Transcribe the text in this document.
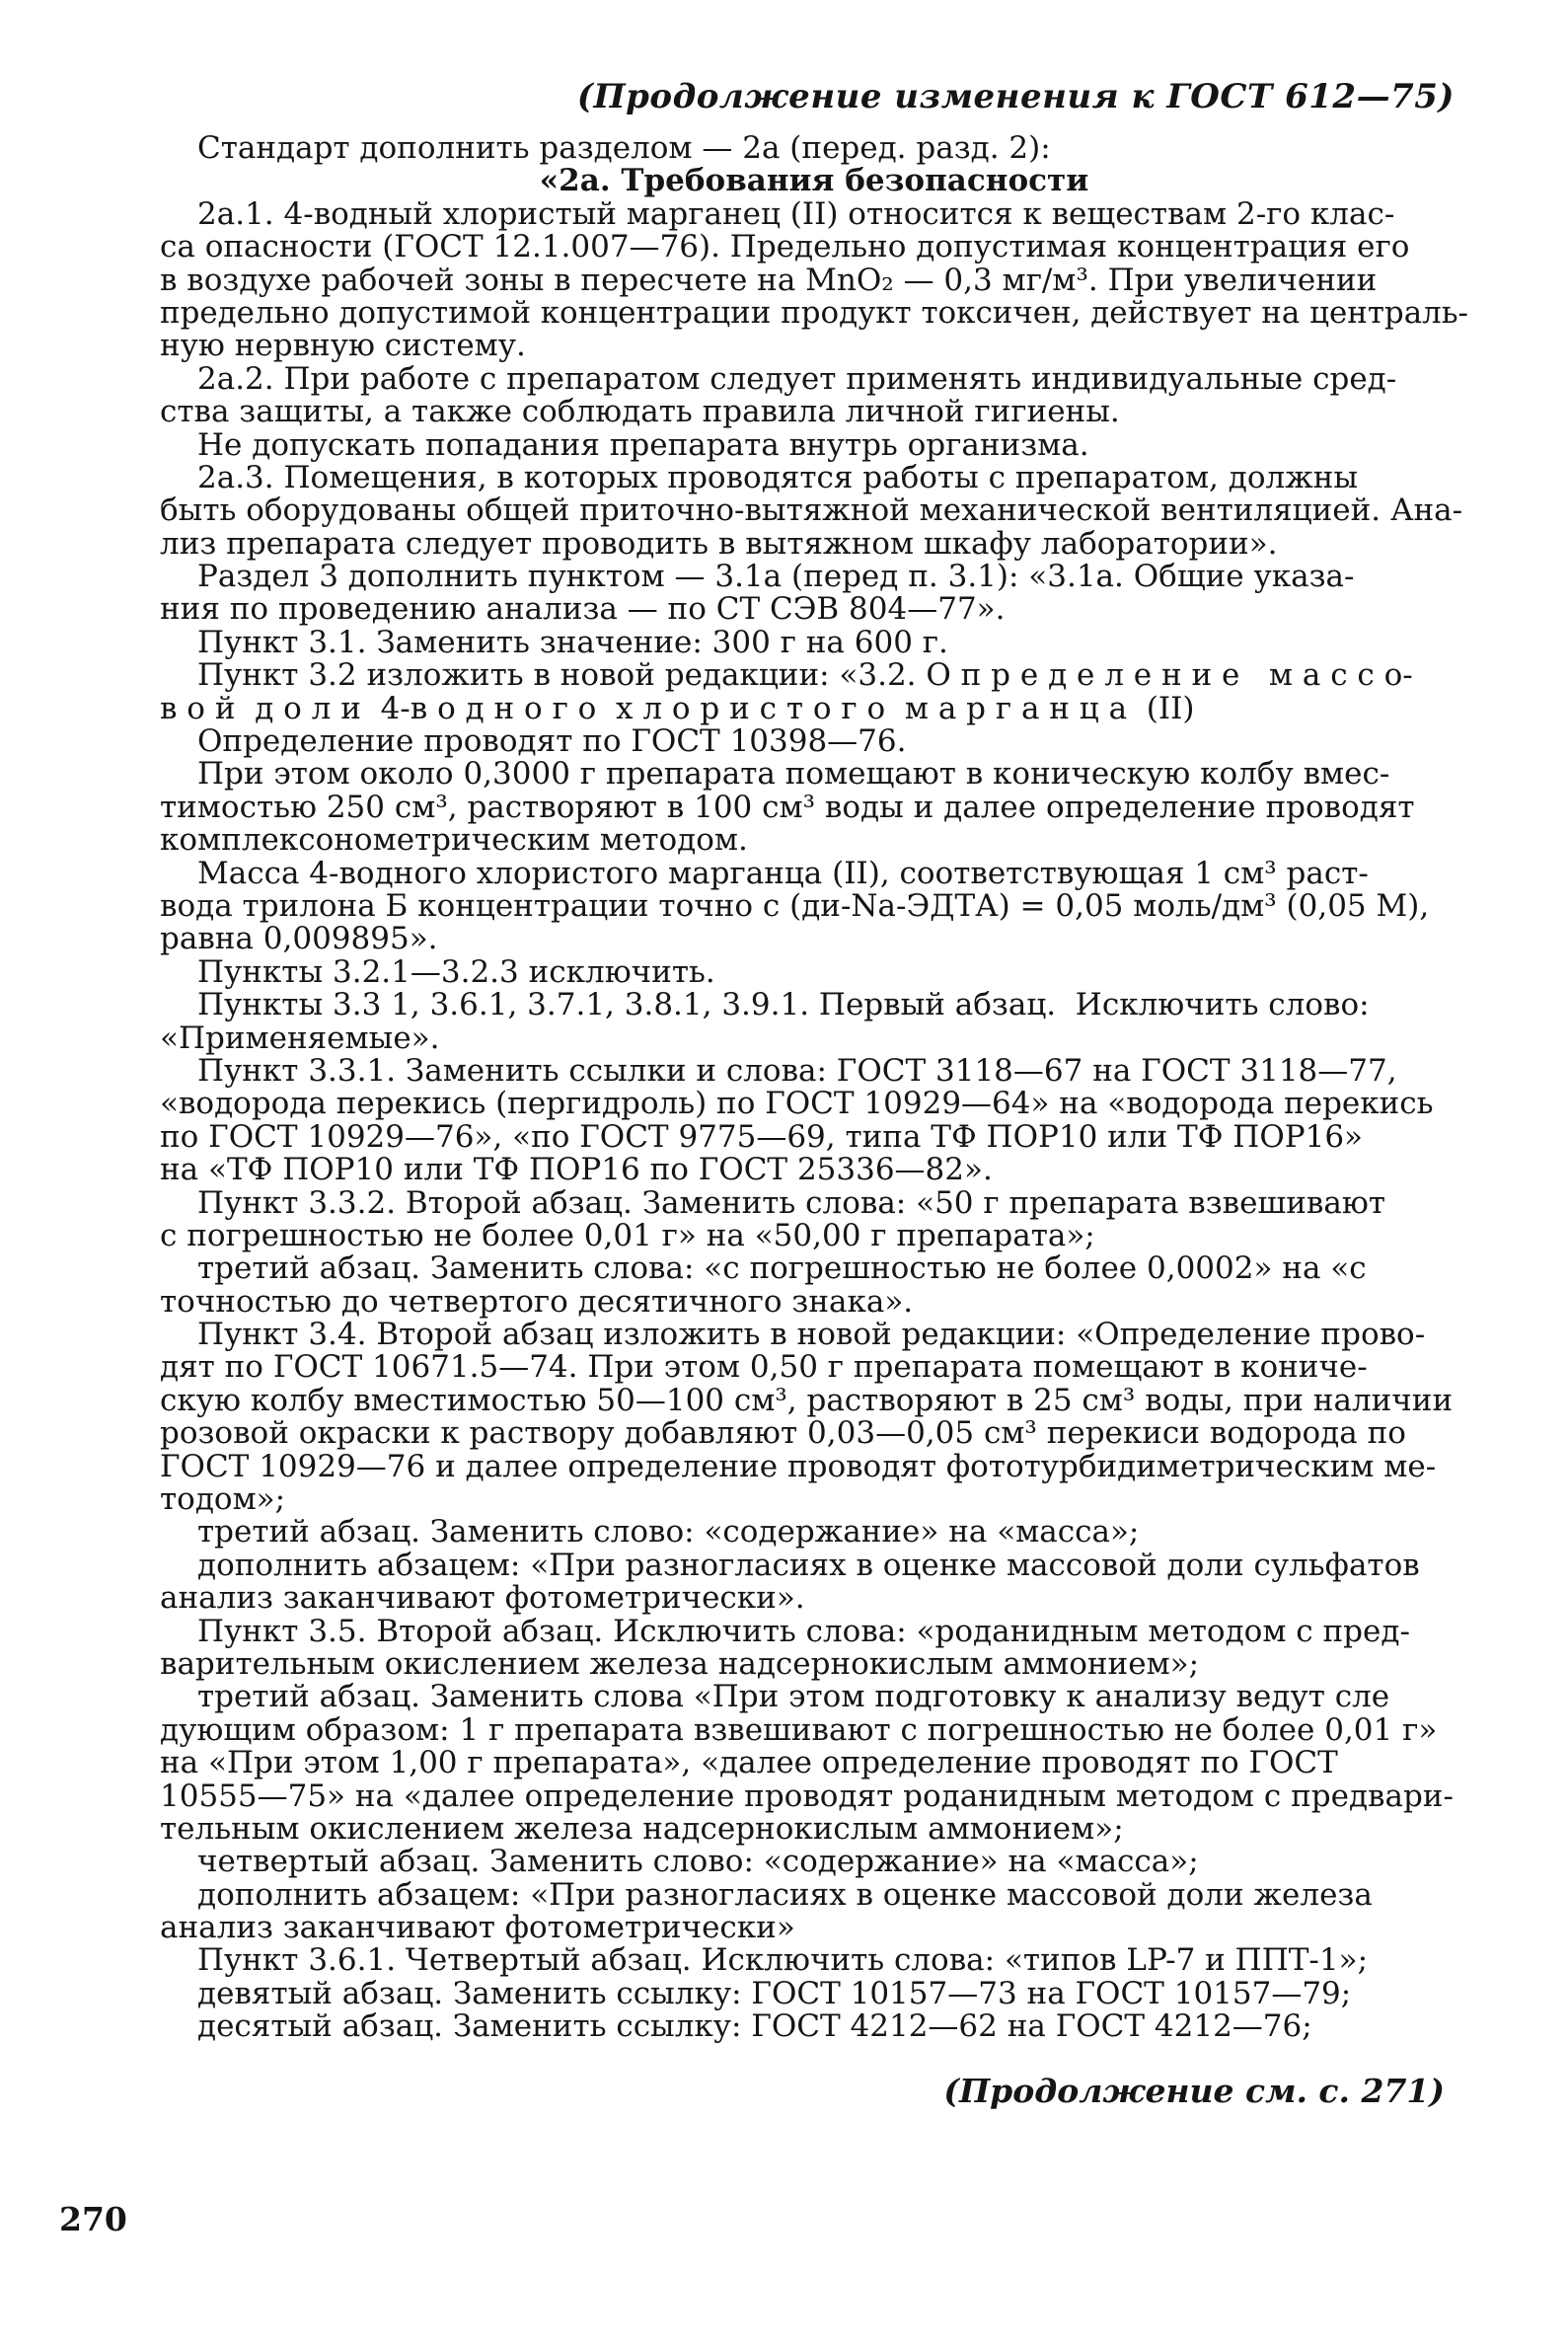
(Продолжение изменения к ГОСТ 612—75)
Стандарт дополнить разделом — 2а (перед. разд. 2):
«2а. Требования безопасности
2а.1. 4-водный хлористый марганец (II) относится к веществам 2-го клас-
са опасности (ГОСТ 12.1.007—76). Предельно допустимая концентрация его
в воздухе рабочей зоны в пересчете на MnO₂ — 0,3 мг/м³. При увеличении
предельно допустимой концентрации продукт токсичен, действует на централь-
ную нервную систему.
2а.2. При работе с препаратом следует применять индивидуальные сред-
ства защиты, а также соблюдать правила личной гигиены.
Не допускать попадания препарата внутрь организма.
2а.3. Помещения, в которых проводятся работы с препаратом, должны
быть оборудованы общей приточно-вытяжной механической вентиляцией. Ана-
лиз препарата следует проводить в вытяжном шкафу лаборатории».
Раздел 3 дополнить пунктом — 3.1а (перед п. 3.1): «3.1а. Общие указа-
ния по проведению анализа — по СТ СЭВ 804—77».
Пункт 3.1. Заменить значение: 300 г на 600 г.
Пункт 3.2 изложить в новой редакции: «3.2. О п р е д е л е н и е   м а с с о-
в о й  д о л и  4-в о д н о г о  х л о р и с т о г о  м а р г а н ц а  (II)
Определение проводят по ГОСТ 10398—76.
При этом около 0,3000 г препарата помещают в коническую колбу вмес-
тимостью 250 см³, растворяют в 100 см³ воды и далее определение проводят
комплексонометрическим методом.
Масса 4-водного хлористого марганца (II), соответствующая 1 см³ раст-
вода трилона Б концентрации точно с (ди-Na-ЭДТА) = 0,05 моль/дм³ (0,05 М),
равна 0,009895».
Пункты 3.2.1—3.2.3 исключить.
Пункты 3.3 1, 3.6.1, 3.7.1, 3.8.1, 3.9.1. Первый абзац.  Исключить слово:
«Применяемые».
Пункт 3.3.1. Заменить ссылки и слова: ГОСТ 3118—67 на ГОСТ 3118—77,
«водорода перекись (пергидроль) по ГОСТ 10929—64» на «водорода перекись
по ГОСТ 10929—76», «по ГОСТ 9775—69, типа ТФ ПОР10 или ТФ ПОР16»
на «ТФ ПОР10 или ТФ ПОР16 по ГОСТ 25336—82».
Пункт 3.3.2. Второй абзац. Заменить слова: «50 г препарата взвешивают
с погрешностью не более 0,01 г» на «50,00 г препарата»;
третий абзац. Заменить слова: «с погрешностью не более 0,0002» на «с
точностью до четвертого десятичного знака».
Пункт 3.4. Второй абзац изложить в новой редакции: «Определение прово-
дят по ГОСТ 10671.5—74. При этом 0,50 г препарата помещают в кониче-
скую колбу вместимостью 50—100 см³, растворяют в 25 см³ воды, при наличии
розовой окраски к раствору добавляют 0,03—0,05 см³ перекиси водорода по
ГОСТ 10929—76 и далее определение проводят фототурбидиметрическим ме-
тодом»;
третий абзац. Заменить слово: «содержание» на «масса»;
дополнить абзацем: «При разногласиях в оценке массовой доли сульфатов
анализ заканчивают фотометрически».
Пункт 3.5. Второй абзац. Исключить слова: «роданидным методом с пред-
варительным окислением железа надсернокислым аммонием»;
третий абзац. Заменить слова «При этом подготовку к анализу ведут сле
дующим образом: 1 г препарата взвешивают с погрешностью не более 0,01 г»
на «При этом 1,00 г препарата», «далее определение проводят по ГОСТ
10555—75» на «далее определение проводят роданидным методом с предвари-
тельным окислением железа надсернокислым аммонием»;
четвертый абзац. Заменить слово: «содержание» на «масса»;
дополнить абзацем: «При разногласиях в оценке массовой доли железа
анализ заканчивают фотометрически»
Пункт 3.6.1. Четвертый абзац. Исключить слова: «типов LP-7 и ППТ-1»;
девятый абзац. Заменить ссылку: ГОСТ 10157—73 на ГОСТ 10157—79;
десятый абзац. Заменить ссылку: ГОСТ 4212—62 на ГОСТ 4212—76;
(Продолжение см. с. 271)
270
